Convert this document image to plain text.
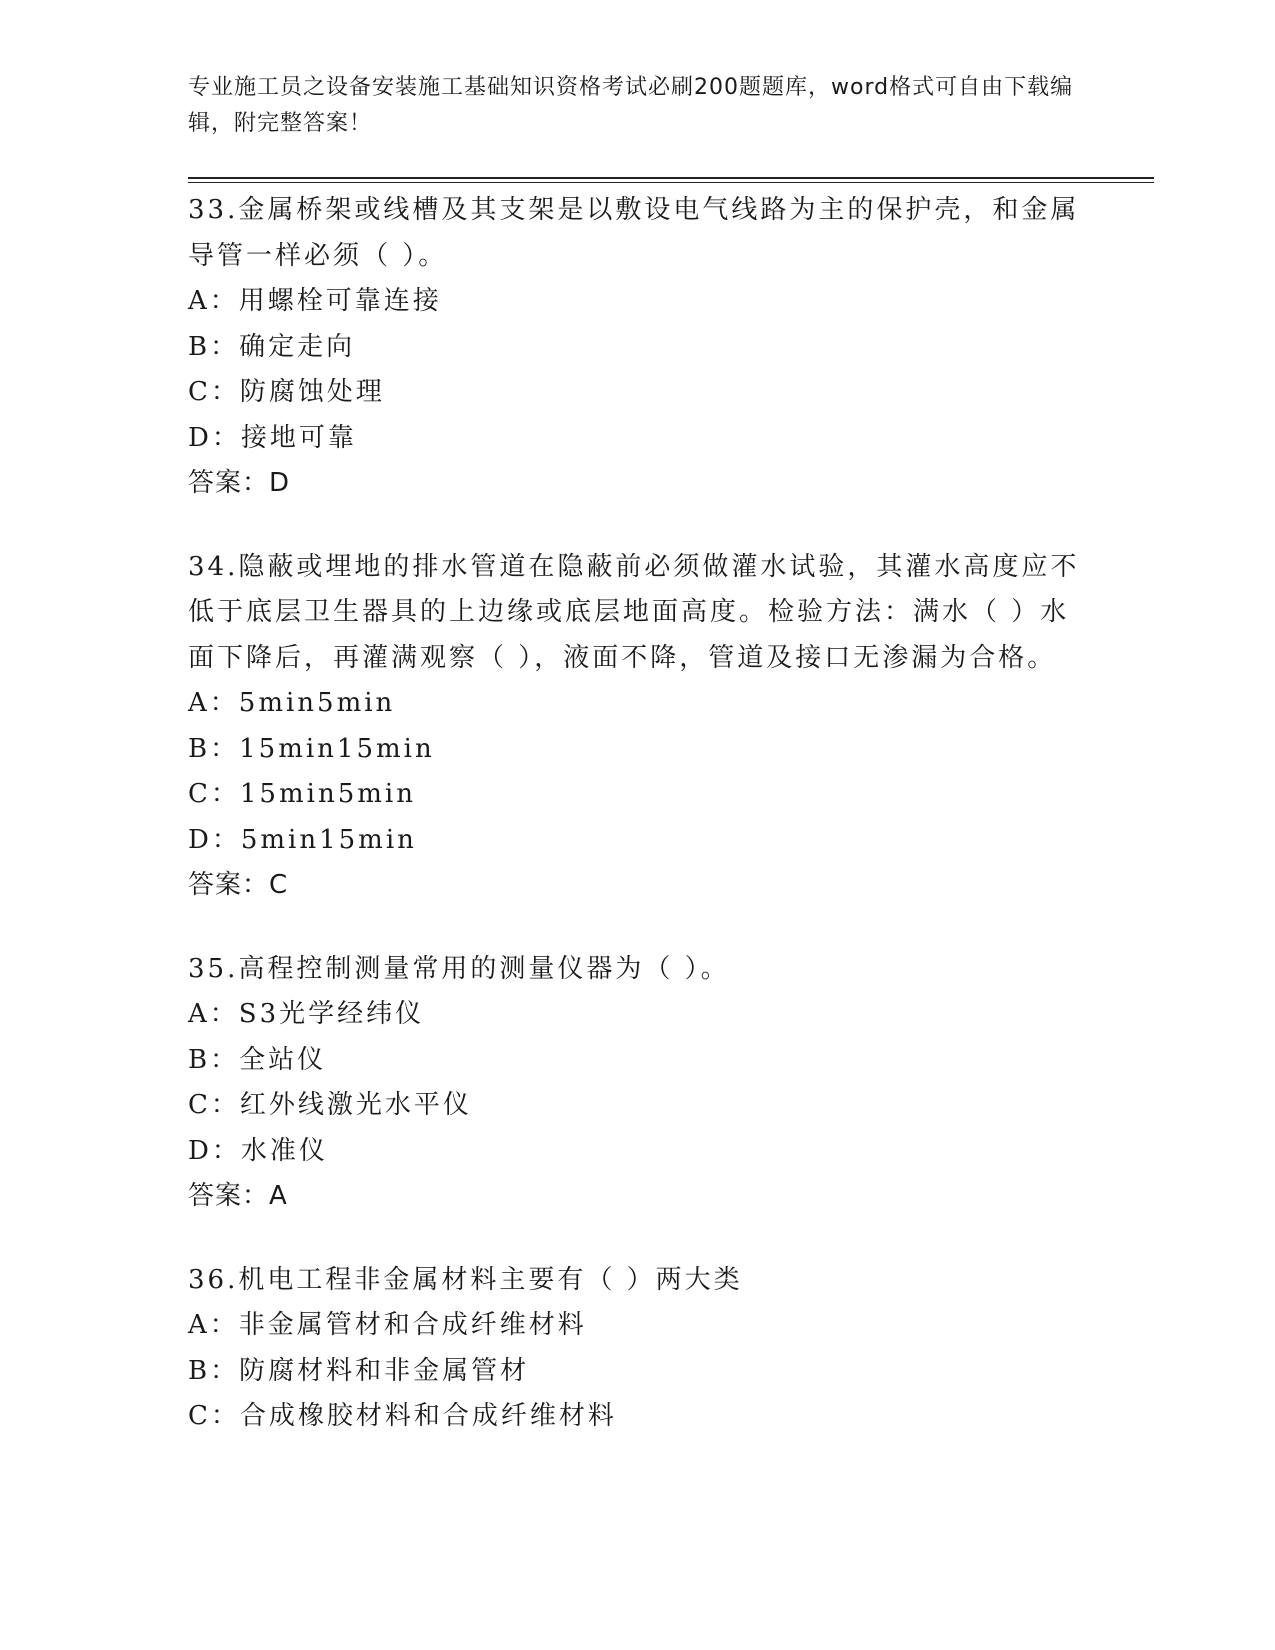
专业施工员之设备安装施工基础知识资格考试必刷200题题库，word格式可自由下载编辑，附完整答案！

33.金属桥架或线槽及其支架是以敷设电气线路为主的保护壳，和金属导管一样必须（ ）。

A：用螺栓可靠连接

B：确定走向

C：防腐蚀处理

D：接地可靠

答案：D

34.隐蔽或埋地的排水管道在隐蔽前必须做灌水试验，其灌水高度应不低于底层卫生器具的上边缘或底层地面高度。检验方法：满水（ ）水面下降后，再灌满观察（ ），液面不降，管道及接口无渗漏为合格。

A：5min5min

B：15min15min

C：15min5min

D：5min15min

答案：C

35.高程控制测量常用的测量仪器为（ ）。

A：S3光学经纬仪

B：全站仪

C：红外线激光水平仪

D：水准仪

答案：A

36.机电工程非金属材料主要有（ ）两大类

A：非金属管材和合成纤维材料

B：防腐材料和非金属管材

C：合成橡胶材料和合成纤维材料
